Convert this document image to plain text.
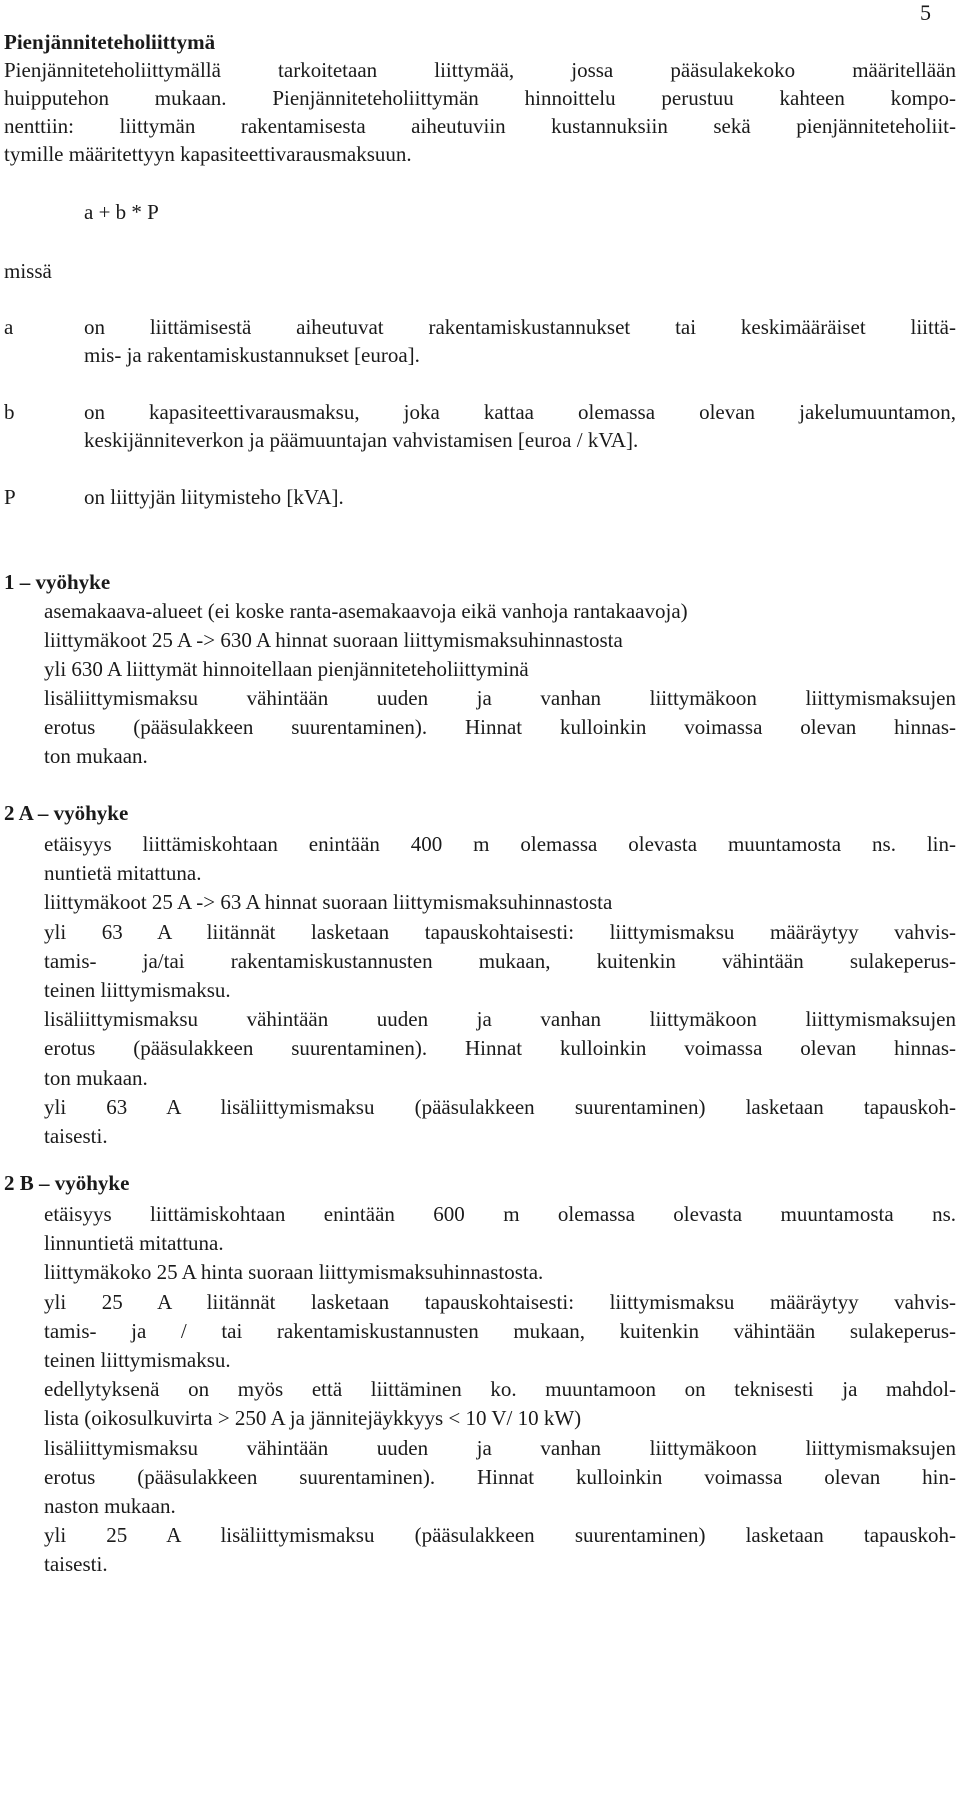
5
Pienjänniteteholiittymä
Pienjänniteteholiittymällä tarkoitetaan liittymää, jossa pääsulakekoko määritellään
huipputehon mukaan. Pienjänniteteholiittymän hinnoittelu perustuu kahteen kompo-
nenttiin: liittymän rakentamisesta aiheutuviin kustannuksiin sekä pienjänniteteholiit-
tymille määritettyyn kapasiteettivarausmaksuun.
a + b * P
missä
a	on liittämisestä aiheutuvat rakentamiskustannukset tai keskimääräiset liittä-
mis- ja rakentamiskustannukset [euroa].
b	on kapasiteettivarausmaksu, joka kattaa olemassa olevan jakelumuuntamon,
keskijänniteverkon ja päämuuntajan vahvistamisen [euroa / kVA].
P	on liittyjän liitymisteho [kVA].
1 – vyöhyke
asemakaava-alueet (ei koske ranta-asemakaavoja eikä vanhoja rantakaavoja)
liittymäkoot 25 A -> 630 A hinnat suoraan liittymismaksuhinnastosta
yli 630 A liittymät hinnoitellaan pienjänniteteholiittyminä
lisäliittymismaksu vähintään uuden ja vanhan liittymäkoon liittymismaksujen
erotus (pääsulakkeen suurentaminen). Hinnat kulloinkin voimassa olevan hinnas-
ton mukaan.
2 A – vyöhyke
etäisyys liittämiskohtaan enintään 400 m olemassa olevasta muuntamosta ns. lin-
nuntietä mitattuna.
liittymäkoot 25 A -> 63 A hinnat suoraan liittymismaksuhinnastosta
yli 63 A liitännät lasketaan tapauskohtaisesti: liittymismaksu määräytyy vahvis-
tamis- ja/tai rakentamiskustannusten mukaan, kuitenkin vähintään sulakeperus-
teinen liittymismaksu.
lisäliittymismaksu vähintään uuden ja vanhan liittymäkoon liittymismaksujen
erotus (pääsulakkeen suurentaminen). Hinnat kulloinkin voimassa olevan hinnas-
ton mukaan.
yli 63 A lisäliittymismaksu (pääsulakkeen suurentaminen) lasketaan tapauskoh-
taisesti.
2 B – vyöhyke
etäisyys liittämiskohtaan enintään 600 m olemassa olevasta muuntamosta ns.
linnuntietä mitattuna.
liittymäkoko 25 A hinta suoraan liittymismaksuhinnastosta.
yli 25 A liitännät lasketaan tapauskohtaisesti: liittymismaksu määräytyy vahvis-
tamis- ja / tai rakentamiskustannusten mukaan, kuitenkin vähintään sulakeperus-
teinen liittymismaksu.
edellytyksenä on myös että liittäminen ko. muuntamoon on teknisesti ja mahdol-
lista (oikosulkuvirta > 250 A ja jännitejäykkyys < 10 V/ 10 kW)
lisäliittymismaksu vähintään uuden ja vanhan liittymäkoon liittymismaksujen
erotus (pääsulakkeen suurentaminen). Hinnat kulloinkin voimassa olevan hin-
naston mukaan.
yli 25 A lisäliittymismaksu (pääsulakkeen suurentaminen) lasketaan tapauskoh-
taisesti.
